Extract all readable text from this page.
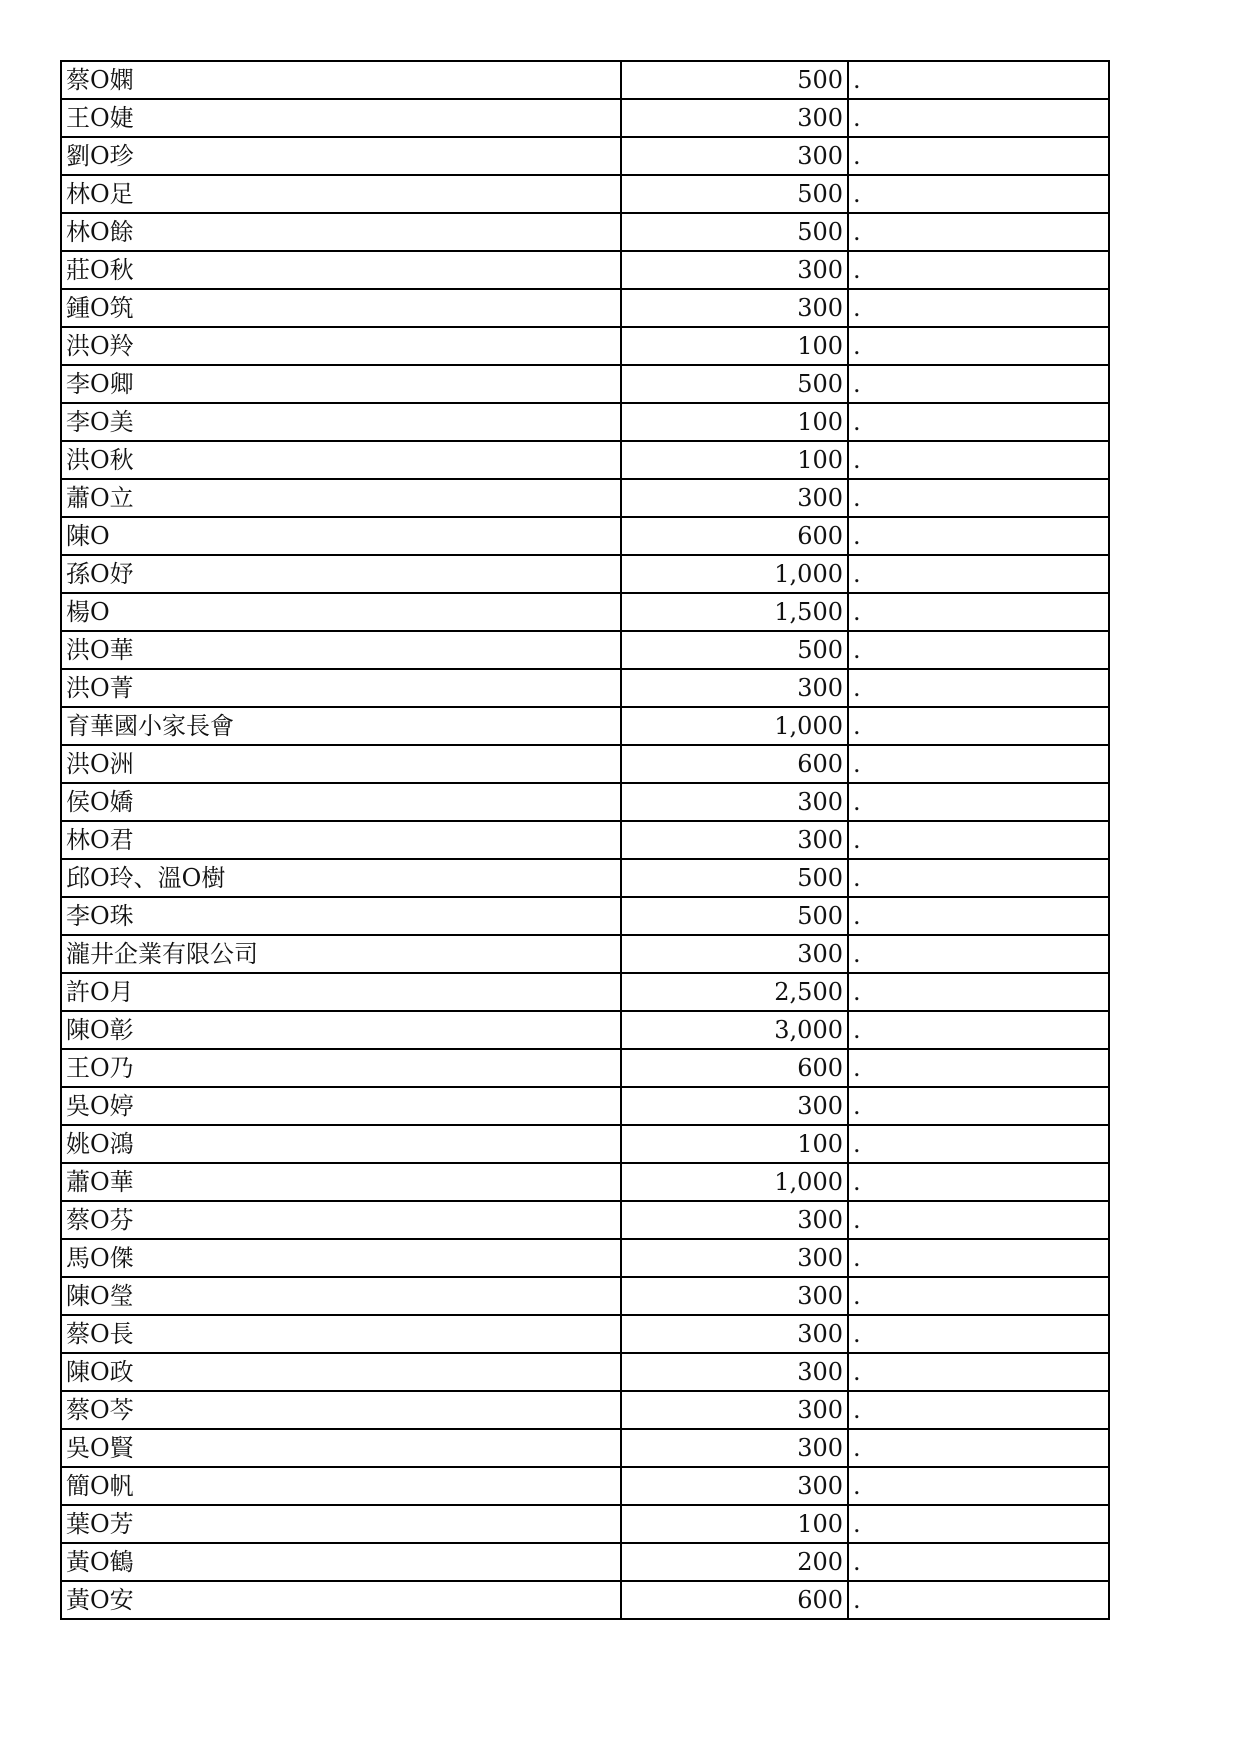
蔡O嫻	500	.
王O婕	300	.
劉O珍	300	.
林O足	500	.
林O餘	500	.
莊O秋	300	.
鍾O筑	300	.
洪O羚	100	.
李O卿	500	.
李O美	100	.
洪O秋	100	.
蕭O立	300	.
陳O	600	.
孫O妤	1,000	.
楊O	1,500	.
洪O華	500	.
洪O菁	300	.
育華國小家長會	1,000	.
洪O洲	600	.
侯O嬌	300	.
林O君	300	.
邱O玲、溫O樹	500	.
李O珠	500	.
瀧井企業有限公司	300	.
許O月	2,500	.
陳O彰	3,000	.
王O乃	600	.
吳O婷	300	.
姚O鴻	100	.
蕭O華	1,000	.
蔡O芬	300	.
馬O傑	300	.
陳O瑩	300	.
蔡O長	300	.
陳O政	300	.
蔡O芩	300	.
吳O賢	300	.
簡O帆	300	.
葉O芳	100	.
黃O鶴	200	.
黃O安	600	.
